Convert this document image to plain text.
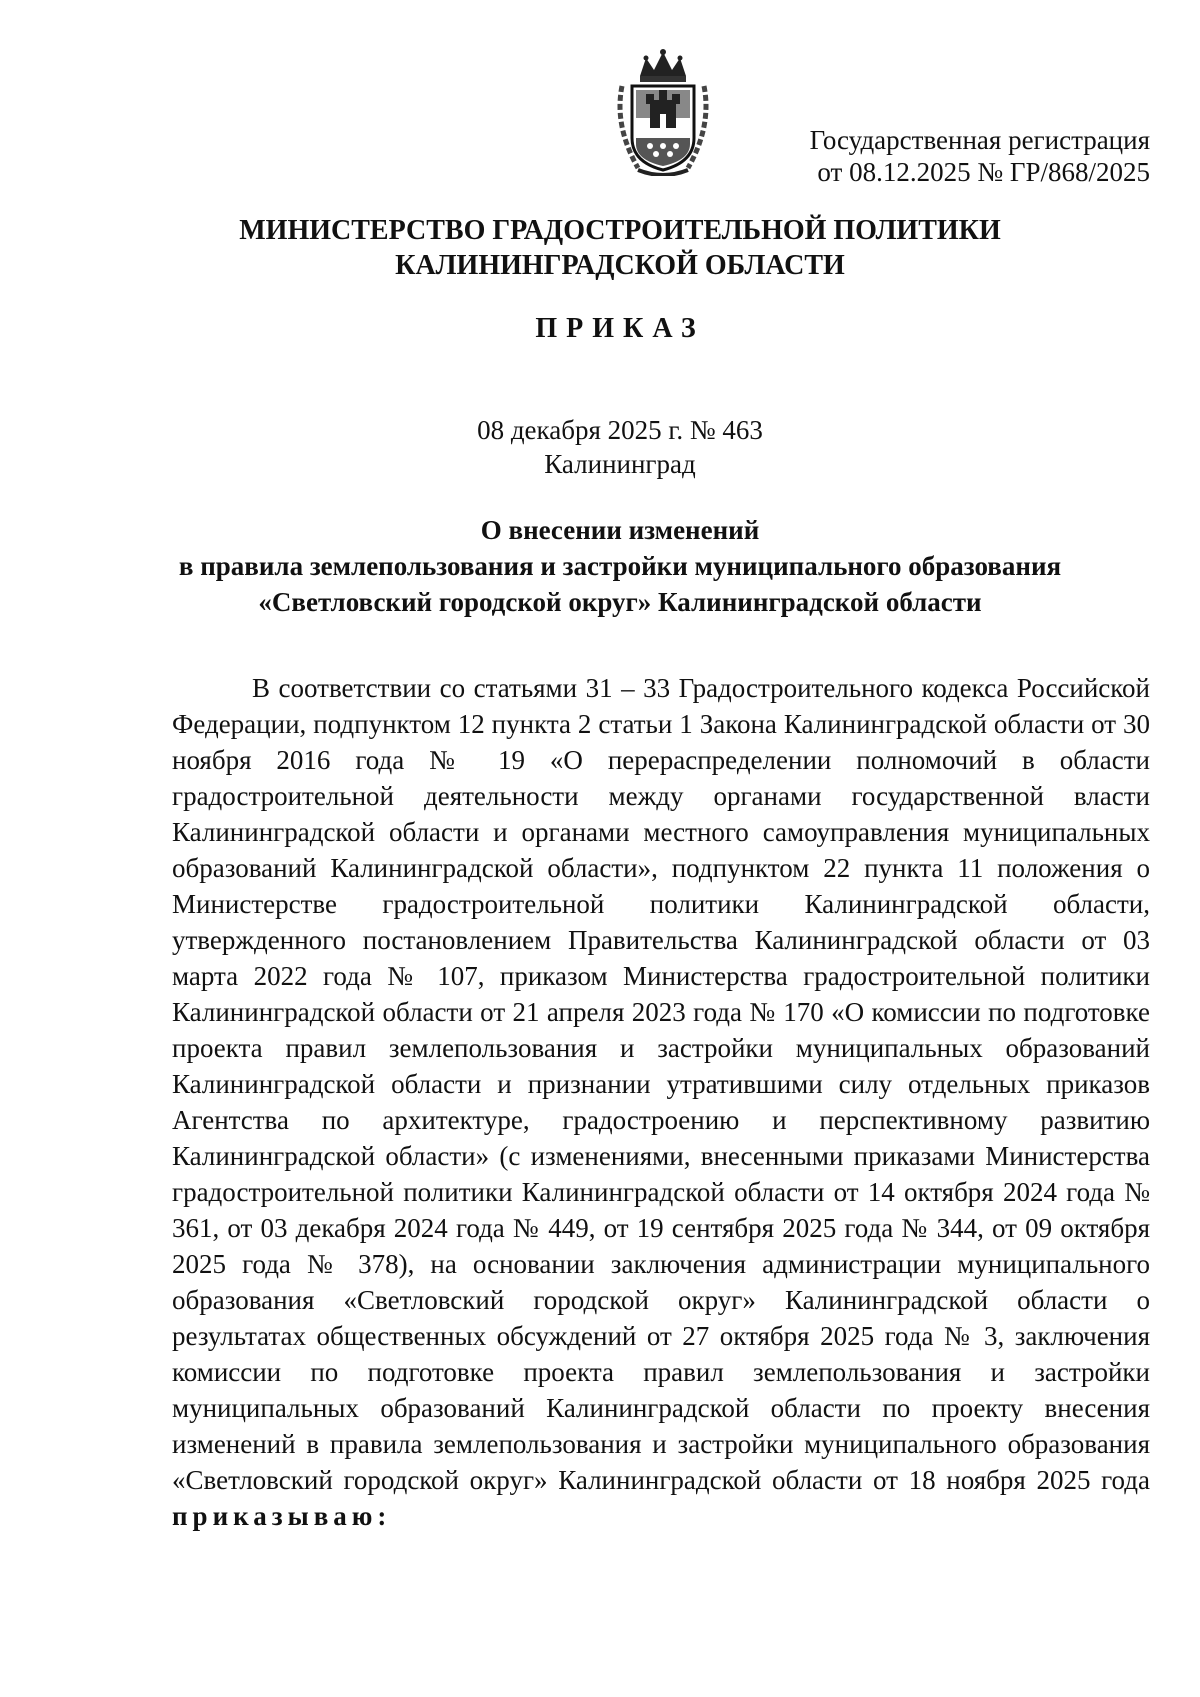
Государственная регистрация
от 08.12.2025 № ГР/868/2025
МИНИСТЕРСТВО ГРАДОСТРОИТЕЛЬНОЙ ПОЛИТИКИ
КАЛИНИНГРАДСКОЙ ОБЛАСТИ
ПРИКАЗ
08 декабря 2025 г. № 463
Калининград
О внесении изменений
в правила землепользования и застройки муниципального образования
«Светловский городской округ» Калининградской области

В соответствии со статьями 31 – 33 Градостроительного кодекса Российской Федерации, подпунктом 12 пункта 2 статьи 1 Закона Калининградской области от 30 ноября 2016 года № 19 «О перераспределении полномочий в области градостроительной деятельности между органами государственной власти Калининградской области и органами местного самоуправления муниципальных образований Калининградской области», подпунктом 22 пункта 11 положения о Министерстве градостроительной политики Калининградской области, утвержденного постановлением Правительства Калининградской области от 03 марта 2022 года № 107, приказом Министерства градостроительной политики Калининградской области от 21 апреля 2023 года № 170 «О комиссии по подготовке проекта правил землепользования и застройки муниципальных образований Калининградской области и признании утратившими силу отдельных приказов Агентства по архитектуре, градостроению и перспективному развитию Калининградской области» (с изменениями, внесенными приказами Министерства градостроительной политики Калининградской области от 14 октября 2024 года № 361, от 03 декабря 2024 года № 449, от 19 сентября 2025 года № 344, от 09 октября 2025 года № 378), на основании заключения администрации муниципального образования «Светловский городской округ» Калининградской области о результатах общественных обсуждений от 27 октября 2025 года № 3, заключения комиссии по подготовке проекта правил землепользования и застройки муниципальных образований Калининградской области по проекту внесения изменений в правила землепользования и застройки муниципального образования «Светловский городской округ» Калининградской области от 18 ноября 2025 года приказываю:
